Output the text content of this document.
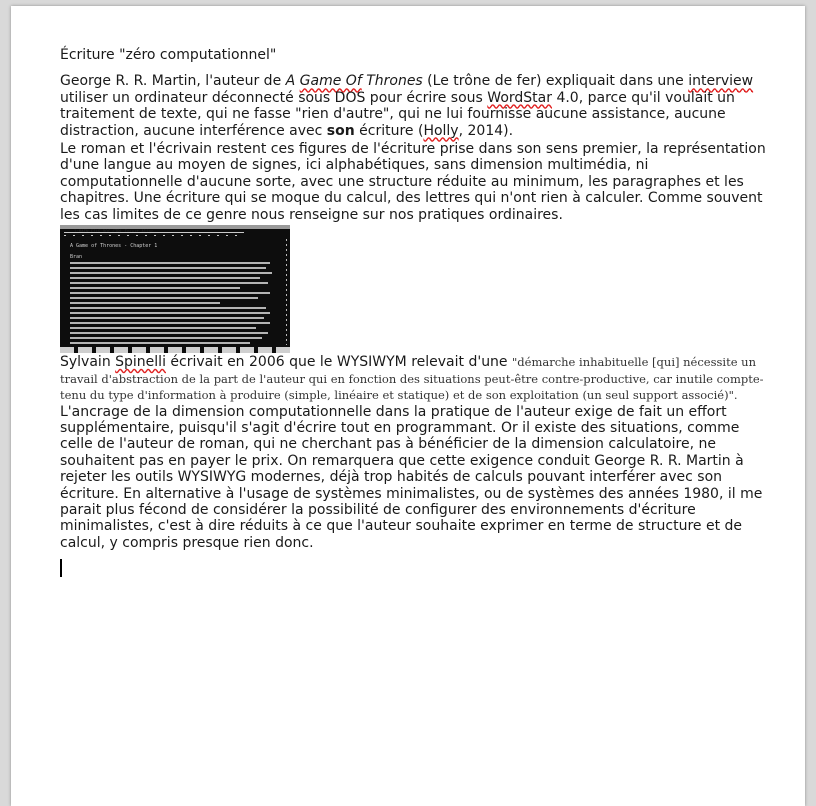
Écriture "zéro computationnel"

George R. R. Martin, l'auteur de A Game Of Thrones (Le trône de fer) expliquait dans une interview utiliser un ordinateur déconnecté sous DOS pour écrire sous WordStar 4.0, parce qu'il voulait un traitement de texte, qui ne fasse "rien d'autre", qui ne lui fournisse aucune assistance, aucune distraction, aucune interférence avec son écriture (Holly, 2014).

Le roman et l'écrivain restent ces figures de l'écriture prise dans son sens premier, la représentation d'une langue au moyen de signes, ici alphabétiques, sans dimension multimédia, ni computationnelle d'aucune sorte, avec une structure réduite au minimum, les paragraphes et les chapitres. Une écriture qui se moque du calcul, des lettres qui n'ont rien à calculer. Comme souvent les cas limites de ce genre nous renseigne sur nos pratiques ordinaires.

A Game of Thrones - Chapter 1
Bran

Sylvain Spinelli écrivait en 2006 que le WYSIWYM relevait d'une "démarche inhabituelle [qui] nécessite un travail d'abstraction de la part de l'auteur qui en fonction des situations peut-être contre-productive, car inutile compte-tenu du type d'information à produire (simple, linéaire et statique) et de son exploitation (un seul support associé)". L'ancrage de la dimension computationnelle dans la pratique de l'auteur exige de fait un effort supplémentaire, puisqu'il s'agit d'écrire tout en programmant. Or il existe des situations, comme celle de l'auteur de roman, qui ne cherchant pas à bénéficier de la dimension calculatoire, ne souhaitent pas en payer le prix. On remarquera que cette exigence conduit George R. R. Martin à rejeter les outils WYSIWYG modernes, déjà trop habités de calculs pouvant interférer avec son écriture. En alternative à l'usage de systèmes minimalistes, ou de systèmes des années 1980, il me parait plus fécond de considérer la possibilité de configurer des environnements d'écriture minimalistes, c'est à dire réduits à ce que l'auteur souhaite exprimer en terme de structure et de calcul, y compris presque rien donc.
